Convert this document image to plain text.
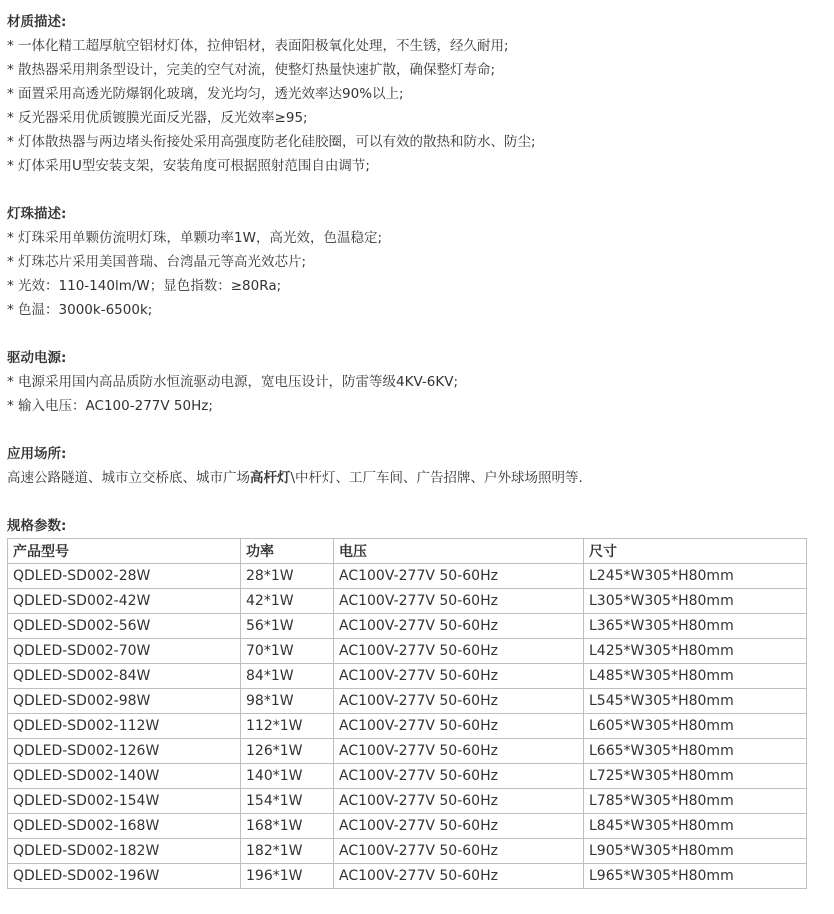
材质描述:
* 一体化精工超厚航空铝材灯体，拉伸铝材，表面阳极氧化处理，不生锈，经久耐用;
* 散热器采用荆条型设计，完美的空气对流，使整灯热量快速扩散，确保整灯寿命;
* 面置采用高透光防爆钢化玻璃，发光均匀，透光效率达90%以上;
* 反光器采用优质镀膜光面反光器，反光效率≥95;
* 灯体散热器与两边堵头衔接处采用高强度防老化硅胶圈，可以有效的散热和防水、防尘;
* 灯体采用U型安装支架，安装角度可根据照射范围自由调节;
灯珠描述:
* 灯珠采用单颗仿流明灯珠，单颗功率1W，高光效，色温稳定;
* 灯珠芯片采用美国普瑞、台湾晶元等高光效芯片;
* 光效：110-140lm/W；显色指数：≥80Ra;
* 色温：3000k-6500k;
驱动电源:
* 电源采用国内高品质防水恒流驱动电源，宽电压设计，防雷等级4KV-6KV;
* 输入电压：AC100-277V 50Hz;
应用场所:
高速公路隧道、城市立交桥底、城市广场高杆灯\中杆灯、工厂车间、广告招牌、户外球场照明等.
规格参数:
产品型号	功率	电压	尺寸
QDLED-SD002-28W	28*1W	AC100V-277V 50-60Hz	L245*W305*H80mm
QDLED-SD002-42W	42*1W	AC100V-277V 50-60Hz	L305*W305*H80mm
QDLED-SD002-56W	56*1W	AC100V-277V 50-60Hz	L365*W305*H80mm
QDLED-SD002-70W	70*1W	AC100V-277V 50-60Hz	L425*W305*H80mm
QDLED-SD002-84W	84*1W	AC100V-277V 50-60Hz	L485*W305*H80mm
QDLED-SD002-98W	98*1W	AC100V-277V 50-60Hz	L545*W305*H80mm
QDLED-SD002-112W	112*1W	AC100V-277V 50-60Hz	L605*W305*H80mm
QDLED-SD002-126W	126*1W	AC100V-277V 50-60Hz	L665*W305*H80mm
QDLED-SD002-140W	140*1W	AC100V-277V 50-60Hz	L725*W305*H80mm
QDLED-SD002-154W	154*1W	AC100V-277V 50-60Hz	L785*W305*H80mm
QDLED-SD002-168W	168*1W	AC100V-277V 50-60Hz	L845*W305*H80mm
QDLED-SD002-182W	182*1W	AC100V-277V 50-60Hz	L905*W305*H80mm
QDLED-SD002-196W	196*1W	AC100V-277V 50-60Hz	L965*W305*H80mm
